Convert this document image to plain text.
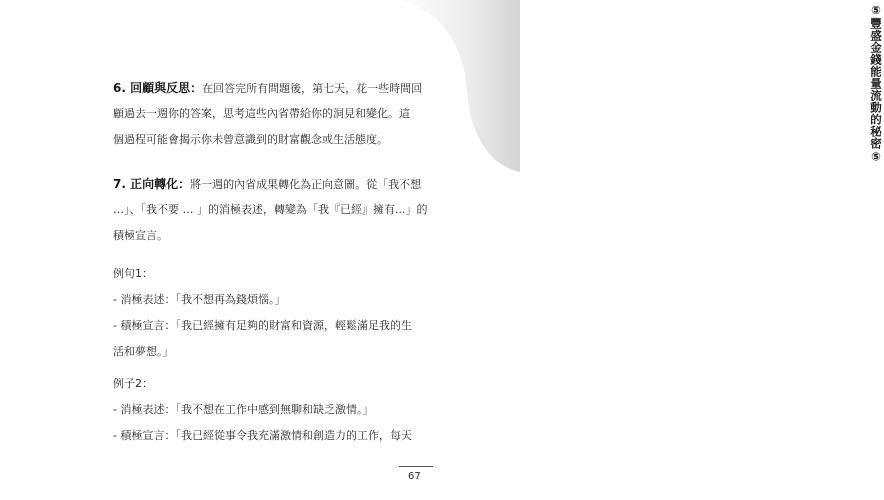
⑤豐盛金錢能量流動的秘密⑤
6. 回顧與反思：在回答完所有問題後，第七天，花一些時間回
顧過去一週你的答案，思考這些內省帶給你的洞見和變化。這
個過程可能會揭示你未曾意識到的財富觀念或生活態度。
7. 正向轉化：將一週的內省成果轉化為正向意圖。從「我不想
…」、「我不要 … 」的消極表述，轉變為「我『已經』擁有...」的
積極宣言。
例句1：
- 消極表述：「我不想再為錢煩惱。」
- 積極宣言：「我已經擁有足夠的財富和資源，輕鬆滿足我的生
活和夢想。」
例子2：
- 消極表述：「我不想在工作中感到無聊和缺乏激情。」
- 積極宣言：「我已經從事令我充滿激情和創造力的工作，每天
67
